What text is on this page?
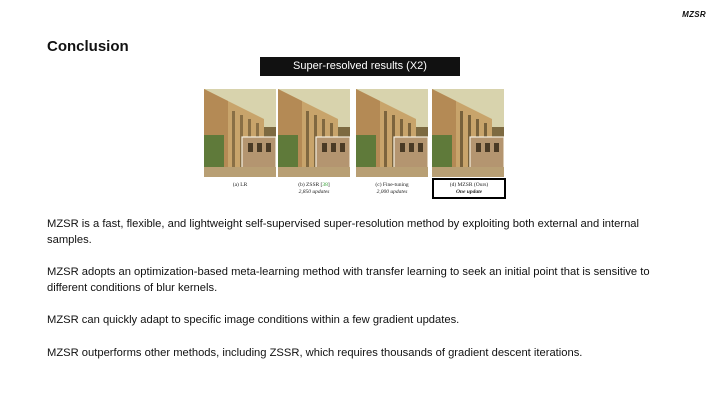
MZSR
Conclusion
Super-resolved results (X2)
(a) LR	(b) ZSSR [38]
2,850 updates
(c) Fine-tuning
2,000 updates
(d) MZSR (Ours)
One update
MZSR is a fast, flexible, and lightweight self-supervised super-resolution method by exploiting both external and internal samples.
MZSR adopts an optimization-based meta-learning method with transfer learning to seek an initial point that is sensitive to different conditions of blur kernels.
MZSR can quickly adapt to specific image conditions within a few gradient updates.
MZSR outperforms other methods, including ZSSR, which requires thousands of gradient descent iterations.
